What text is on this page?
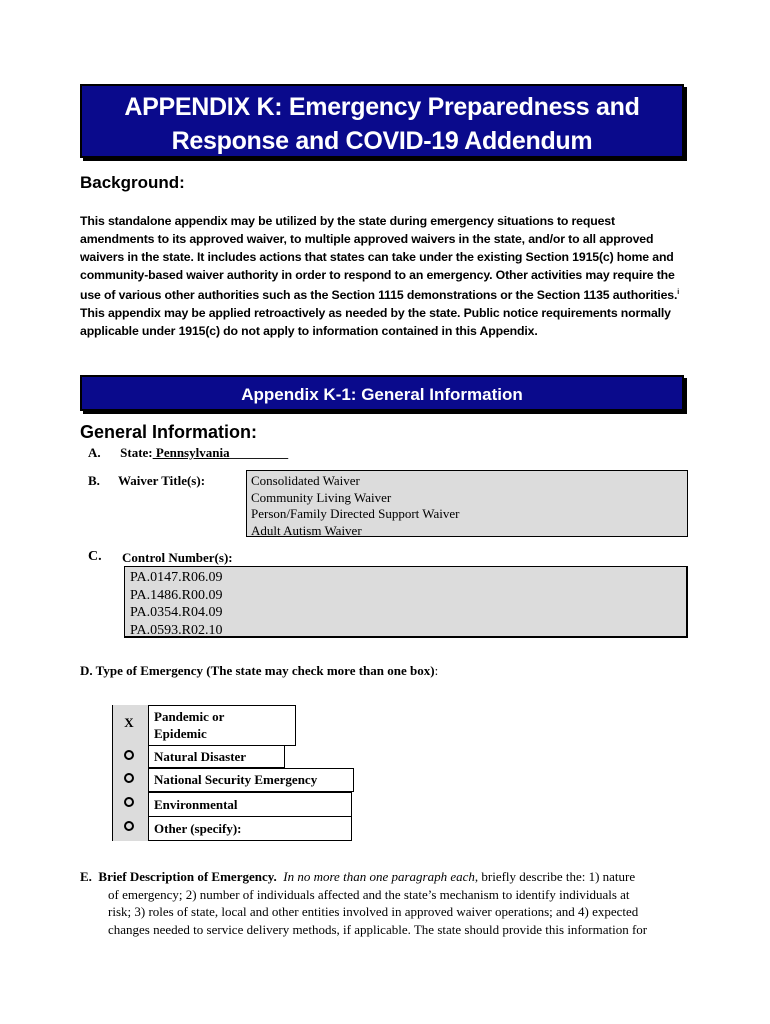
APPENDIX K: Emergency Preparedness and
Response and COVID-19 Addendum
Background:
This standalone appendix may be utilized by the state during emergency situations to request amendments to its approved waiver, to multiple approved waivers in the state, and/or to all approved waivers in the state. It includes actions that states can take under the existing Section 1915(c) home and community-based waiver authority in order to respond to an emergency. Other activities may require the use of various other authorities such as the Section 1115 demonstrations or the Section 1135 authorities.$^i$ This appendix may be applied retroactively as needed by the state. Public notice requirements normally applicable under 1915(c) do not apply to information contained in this Appendix.
Appendix K-1: General Information
General Information:
A. State: Pennsylvania_________
B. Waiver Title(s):	Consolidated Waiver
Community Living Waiver
Person/Family Directed Support Waiver
Adult Autism Waiver
C. Control Number(s):
PA.0147.R06.09
PA.1486.R00.09
PA.0354.R04.09
PA.0593.R02.10
D. Type of Emergency (The state may check more than one box):
Pandemic or
Epidemic
X
Natural Disaster
National Security Emergency
Environmental
Other (specify):
E. Brief Description of Emergency. In no more than one paragraph each, briefly describe the: 1) nature
of emergency; 2) number of individuals affected and the state’s mechanism to identify individuals at
risk; 3) roles of state, local and other entities involved in approved waiver operations; and 4) expected
changes needed to service delivery methods, if applicable. The state should provide this information for
